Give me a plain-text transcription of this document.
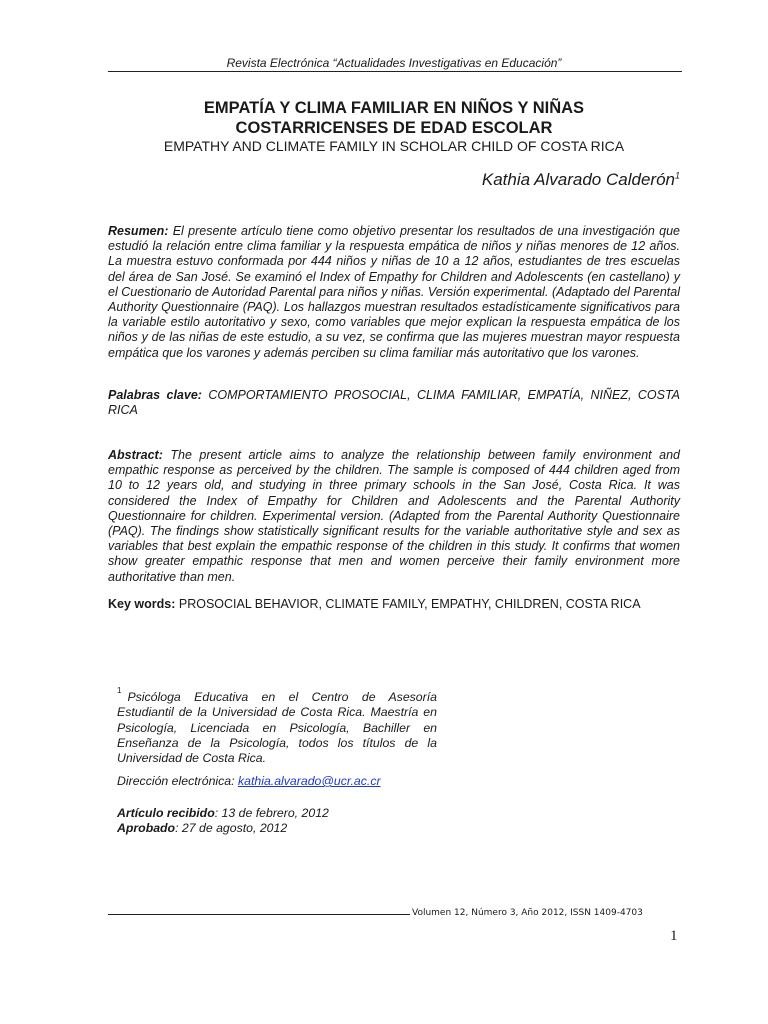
Revista Electrónica “Actualidades Investigativas en Educación”
EMPATÍA Y CLIMA FAMILIAR EN NIÑOS Y NIÑAS
COSTARRICENSES DE EDAD ESCOLAR
EMPATHY AND CLIMATE FAMILY IN SCHOLAR CHILD OF COSTA RICA
Kathia Alvarado Calderón$^1$

Resumen: El presente artículo tiene como objetivo presentar los resultados de una investigación que estudió la relación entre clima familiar y la respuesta empática de niños y niñas menores de 12 años. La muestra estuvo conformada por 444 niños y niñas de 10 a 12 años, estudiantes de tres escuelas del área de San José. Se examinó el Index of Empathy for Children and Adolescents (en castellano) y el Cuestionario de Autoridad Parental para niños y niñas. Versión experimental. (Adaptado del Parental Authority Questionnaire (PAQ). Los hallazgos muestran resultados estadísticamente significativos para la variable estilo autoritativo y sexo, como variables que mejor explican la respuesta empática de los niños y de las niñas de este estudio, a su vez, se confirma que las mujeres muestran mayor respuesta empática que los varones y además perciben su clima familiar más autoritativo que los varones.

Palabras clave: COMPORTAMIENTO PROSOCIAL, CLIMA FAMILIAR, EMPATÍA, NIÑEZ, COSTA RICA

Abstract: The present article aims to analyze the relationship between family environment and empathic response as perceived by the children. The sample is composed of 444 children aged from 10 to 12 years old, and studying in three primary schools in the San José, Costa Rica. It was considered the Index of Empathy for Children and Adolescents and the Parental Authority Questionnaire for children. Experimental version. (Adapted from the Parental Authority Questionnaire (PAQ). The findings show statistically significant results for the variable authoritative style and sex as variables that best explain the empathic response of the children in this study. It confirms that women show greater empathic response that men and women perceive their family environment more authoritative than men.

Key words: PROSOCIAL BEHAVIOR, CLIMATE FAMILY, EMPATHY, CHILDREN, COSTA RICA

$^1$ Psicóloga Educativa en el Centro de Asesoría Estudiantil de la Universidad de Costa Rica. Maestría en Psicología, Licenciada en Psicología, Bachiller en Enseñanza de la Psicología, todos los títulos de la Universidad de Costa Rica.

Dirección electrónica: kathia.alvarado@ucr.ac.cr

Artículo recibido: 13 de febrero, 2012
Aprobado: 27 de agosto, 2012

Volumen 12, Número 3, Año 2012, ISSN 1409-4703
1
